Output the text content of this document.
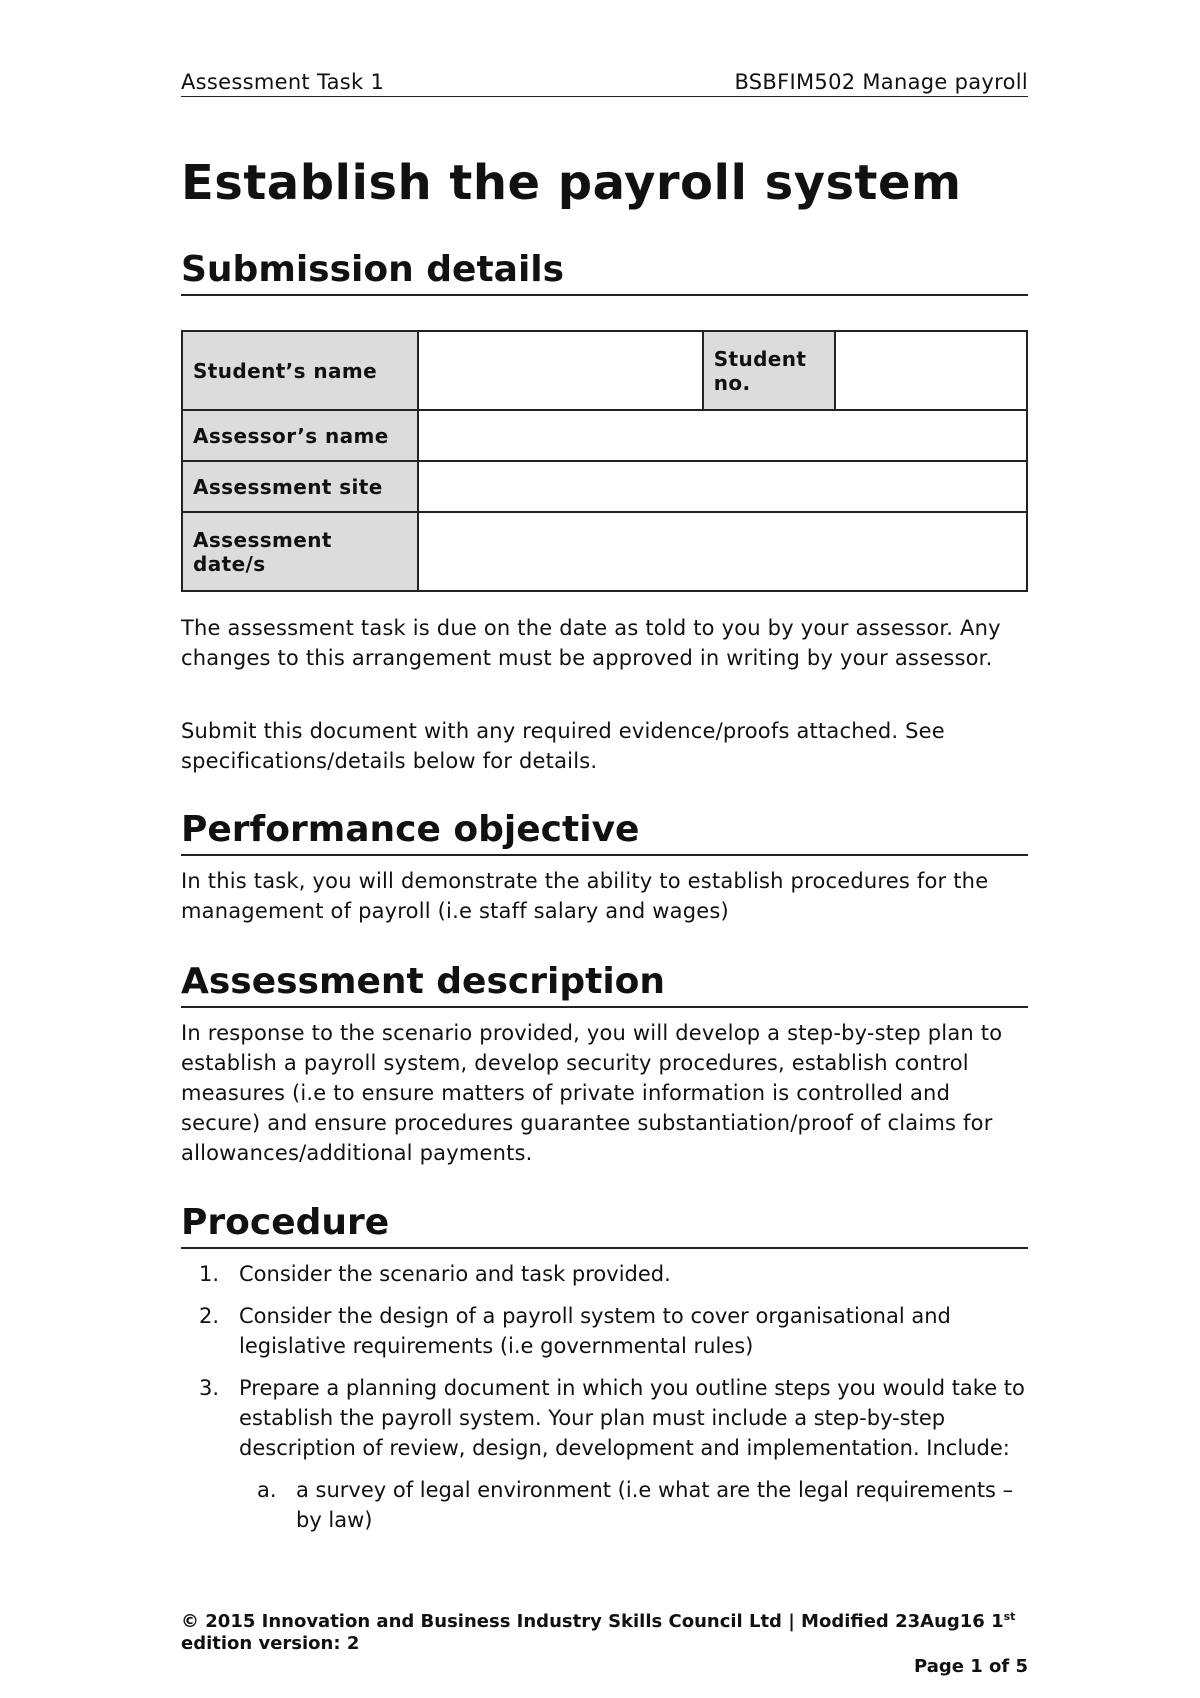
Assessment Task 1	BSBFIM502 Manage payroll
Establish the payroll system
Submission details
Student’s name		Student no.	
Assessor’s name			
Assessment site			
Assessment date/s			

The assessment task is due on the date as told to you by your assessor. Any changes to this arrangement must be approved in writing by your assessor.

Submit this document with any required evidence/proofs attached. See specifications/details below for details.

Performance objective

In this task, you will demonstrate the ability to establish procedures for the management of payroll (i.e staff salary and wages)

Assessment description

In response to the scenario provided, you will develop a step-by-step plan to establish a payroll system, develop security procedures, establish control measures (i.e to ensure matters of private information is controlled and secure) and ensure procedures guarantee substantiation/proof of claims for allowances/additional payments.

Procedure
1. Consider the scenario and task provided.
2. Consider the design of a payroll system to cover organisational and legislative requirements (i.e governmental rules)
3. Prepare a planning document in which you outline steps you would take to establish the payroll system. Your plan must include a step-by-step description of review, design, development and implementation. Include:
a. a survey of legal environment (i.e what are the legal requirements – by law)
© 2015 Innovation and Business Industry Skills Council Ltd | Modified 23Aug16 1st
edition version: 2
Page 1 of 5
